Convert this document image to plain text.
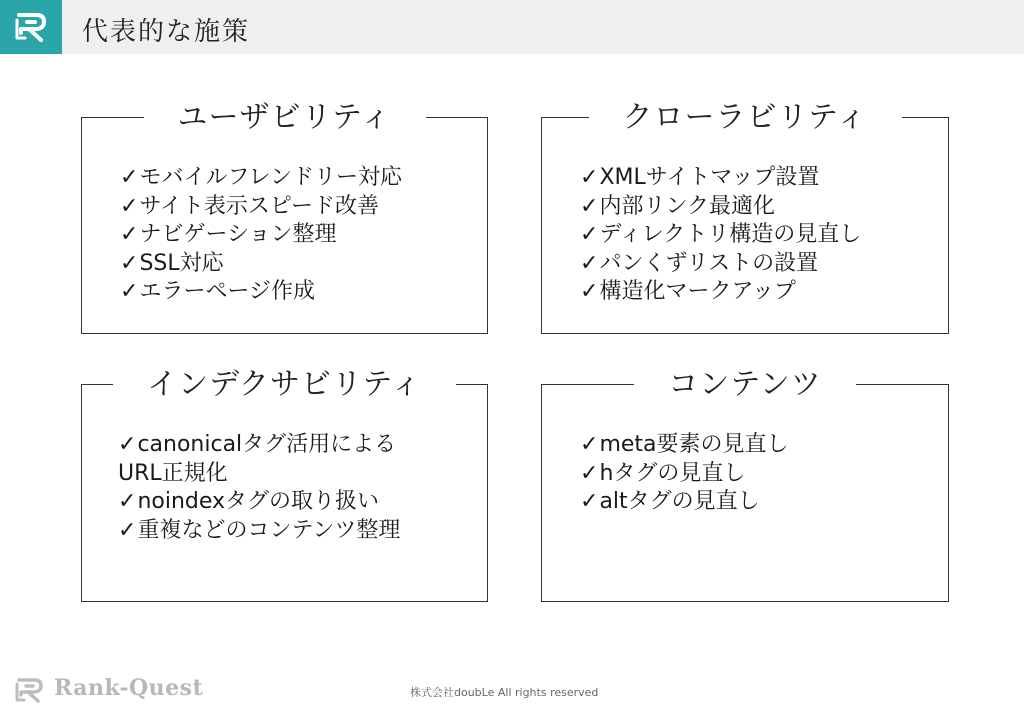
代表的な施策
ユーザビリティ
✓モバイルフレンドリー対応
✓サイト表示スピード改善
✓ナビゲーション整理
✓SSL対応
✓エラーページ作成
クローラビリティ
✓XMLサイトマップ設置
✓内部リンク最適化
✓ディレクトリ構造の見直し
✓パンくずリストの設置
✓構造化マークアップ
インデクサビリティ
✓canonicalタグ活用による
URL正規化
✓noindexタグの取り扱い
✓重複などのコンテンツ整理
コンテンツ
✓meta要素の見直し
✓hタグの見直し
✓altタグの見直し
Rank-Quest	株式会社doubLe All rights reserved
